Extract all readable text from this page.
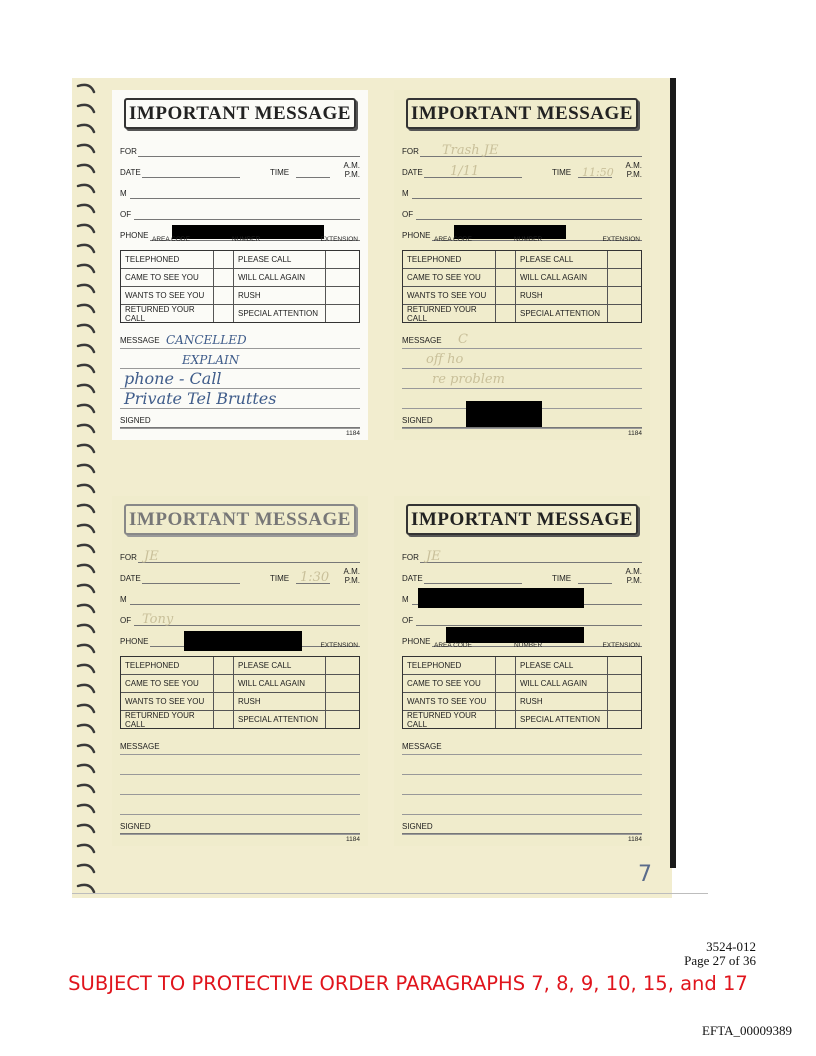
IMPORTANT MESSAGE
FOR
DATE	TIME
A.M.
P.M.
M
OF
PHONE AREA CODE	NUMBER	EXTENSION
TELEPHONED	PLEASE CALL
CAME TO SEE YOU	WILL CALL AGAIN
WANTS TO SEE YOU	RUSH
RETURNED YOUR CALL	SPECIAL ATTENTION
MESSAGE CANCELLED
EXPLAIN
phone - Call
Private Tel Bruttes
SIGNED
1184
IMPORTANT MESSAGE
FOR Trash JE
DATE 1/11	TIME 11:50
A.M.
P.M.
M
OF
PHONE AREA CODE	NUMBER	EXTENSION
TELEPHONED	PLEASE CALL
CAME TO SEE YOU	WILL CALL AGAIN
WANTS TO SEE YOU	RUSH
RETURNED YOUR CALL	SPECIAL ATTENTION
MESSAGE C
off ho
re problem
SIGNED
1184
IMPORTANT MESSAGE
FOR JE
DATE	TIME 1:30 A.M.
P.M.
M
OF Tony
PHONE	EXTENSION
TELEPHONED	PLEASE CALL
CAME TO SEE YOU	WILL CALL AGAIN
WANTS TO SEE YOU	RUSH
RETURNED YOUR CALL	SPECIAL ATTENTION
MESSAGE
SIGNED
1184
IMPORTANT MESSAGE
FOR JE
DATE	TIME
A.M.
P.M.
M
OF
PHONE AREA CODE	NUMBER	EXTENSION
TELEPHONED	PLEASE CALL
CAME TO SEE YOU	WILL CALL AGAIN
WANTS TO SEE YOU	RUSH
RETURNED YOUR CALL	SPECIAL ATTENTION
MESSAGE
SIGNED
1184
7
3524-012
Page 27 of 36
SUBJECT TO PROTECTIVE ORDER PARAGRAPHS 7, 8, 9, 10, 15, and 17
EFTA_00009389
